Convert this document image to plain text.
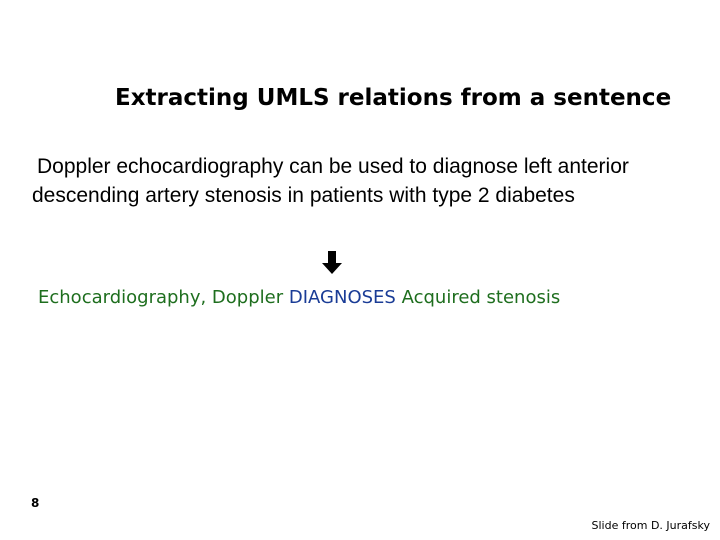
Extracting UMLS relations from a sentence
Doppler echocardiography can be used to diagnose left anterior descending artery stenosis in patients with type 2 diabetes
Echocardiography, Doppler DIAGNOSES Acquired stenosis
8
Slide from D. Jurafsky
